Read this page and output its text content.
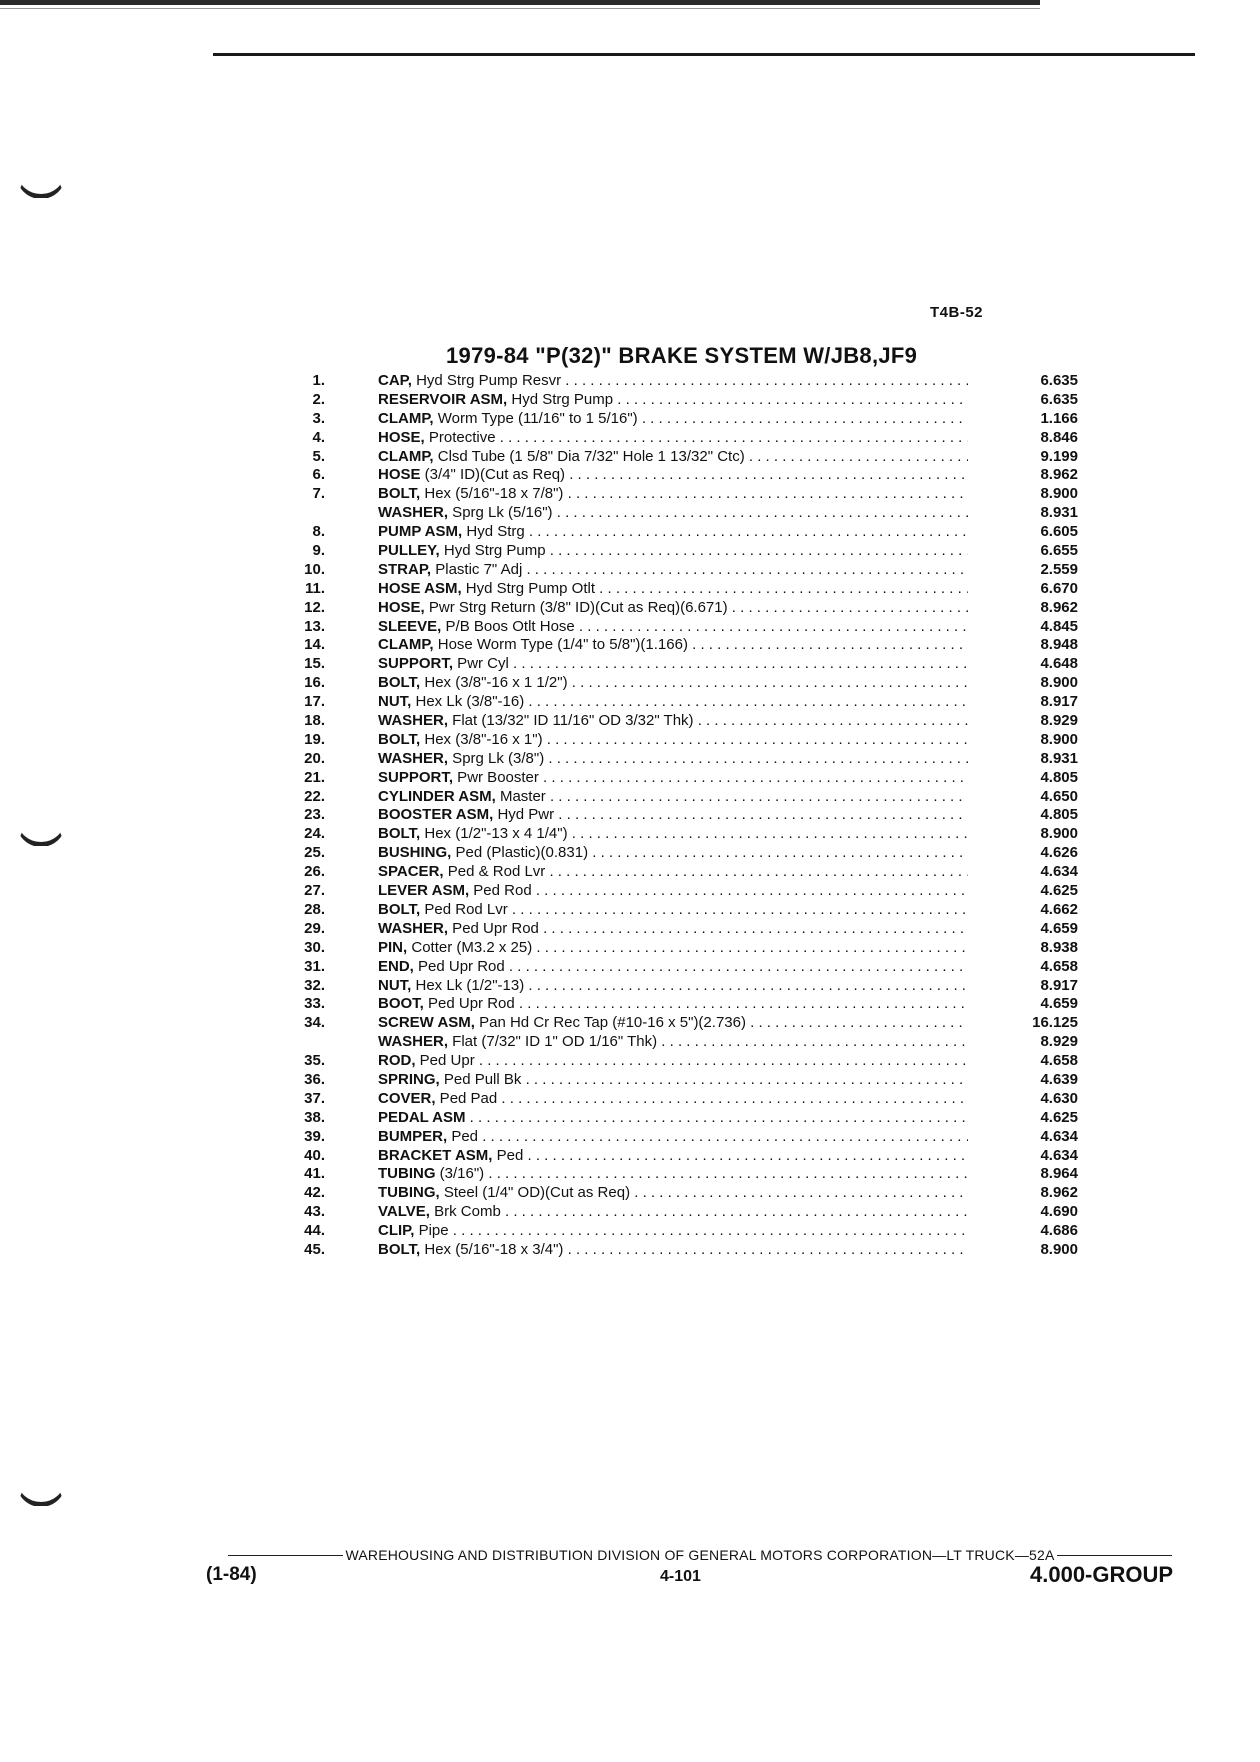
T4B-52
1979-84 "P(32)" BRAKE SYSTEM W/JB8,JF9
1.	CAP, Hyd Strg Pump Resvr . . .	6.635
2.	RESERVOIR ASM, Hyd Strg Pump . . .	6.635
3.	CLAMP, Worm Type (11/16" to 1 5/16") . . .	1.166
4.	HOSE, Protective . . .	8.846
5.	CLAMP, Clsd Tube (1 5/8" Dia 7/32" Hole 1 13/32" Ctc) . . .	9.199
6.	HOSE (3/4" ID)(Cut as Req) . . .	8.962
7.	BOLT, Hex (5/16"-18 x 7/8") . . .	8.900
WASHER, Sprg Lk (5/16") . . .	8.931
8.	PUMP ASM, Hyd Strg . . .	6.605
9.	PULLEY, Hyd Strg Pump . . .	6.655
10.	STRAP, Plastic 7" Adj . . .	2.559
11.	HOSE ASM, Hyd Strg Pump Otlt . . .	6.670
12.	HOSE, Pwr Strg Return (3/8" ID)(Cut as Req)(6.671) . . .	8.962
13.	SLEEVE, P/B Boos Otlt Hose . . .	4.845
14.	CLAMP, Hose Worm Type (1/4" to 5/8")(1.166) . . .	8.948
15.	SUPPORT, Pwr Cyl . . .	4.648
16.	BOLT, Hex (3/8"-16 x 1 1/2") . . .	8.900
17.	NUT, Hex Lk (3/8"-16) . . .	8.917
18.	WASHER, Flat (13/32" ID 11/16" OD 3/32" Thk) . . .	8.929
19.	BOLT, Hex (3/8"-16 x 1") . . .	8.900
20.	WASHER, Sprg Lk (3/8") . . .	8.931
21.	SUPPORT, Pwr Booster . . .	4.805
22.	CYLINDER ASM, Master . . .	4.650
23.	BOOSTER ASM, Hyd Pwr . . .	4.805
24.	BOLT, Hex (1/2"-13 x 4 1/4") . . .	8.900
25.	BUSHING, Ped (Plastic)(0.831) . . .	4.626
26.	SPACER, Ped & Rod Lvr . . .	4.634
27.	LEVER ASM, Ped Rod . . .	4.625
28.	BOLT, Ped Rod Lvr . . .	4.662
29.	WASHER, Ped Upr Rod . . .	4.659
30.	PIN, Cotter (M3.2 x 25) . . .	8.938
31.	END, Ped Upr Rod . . .	4.658
32.	NUT, Hex Lk (1/2"-13) . . .	8.917
33.	BOOT, Ped Upr Rod . . .	4.659
34.	SCREW ASM, Pan Hd Cr Rec Tap (#10-16 x 5")(2.736) . . .	16.125
WASHER, Flat (7/32" ID 1" OD 1/16" Thk) . . .	8.929
35.	ROD, Ped Upr . . .	4.658
36.	SPRING, Ped Pull Bk . . .	4.639
37.	COVER, Ped Pad . . .	4.630
38.	PEDAL ASM . . .	4.625
39.	BUMPER, Ped . . .	4.634
40.	BRACKET ASM, Ped . . .	4.634
41.	TUBING (3/16") . . .	8.964
42.	TUBING, Steel (1/4" OD)(Cut as Req) . . .	8.962
43.	VALVE, Brk Comb . . .	4.690
44.	CLIP, Pipe . . .	4.686
45.	BOLT, Hex (5/16"-18 x 3/4") . . .	8.900
WAREHOUSING AND DISTRIBUTION DIVISION OF GENERAL MOTORS CORPORATION—LT TRUCK—52A
(1-84)	4-101	4.000-GROUP
